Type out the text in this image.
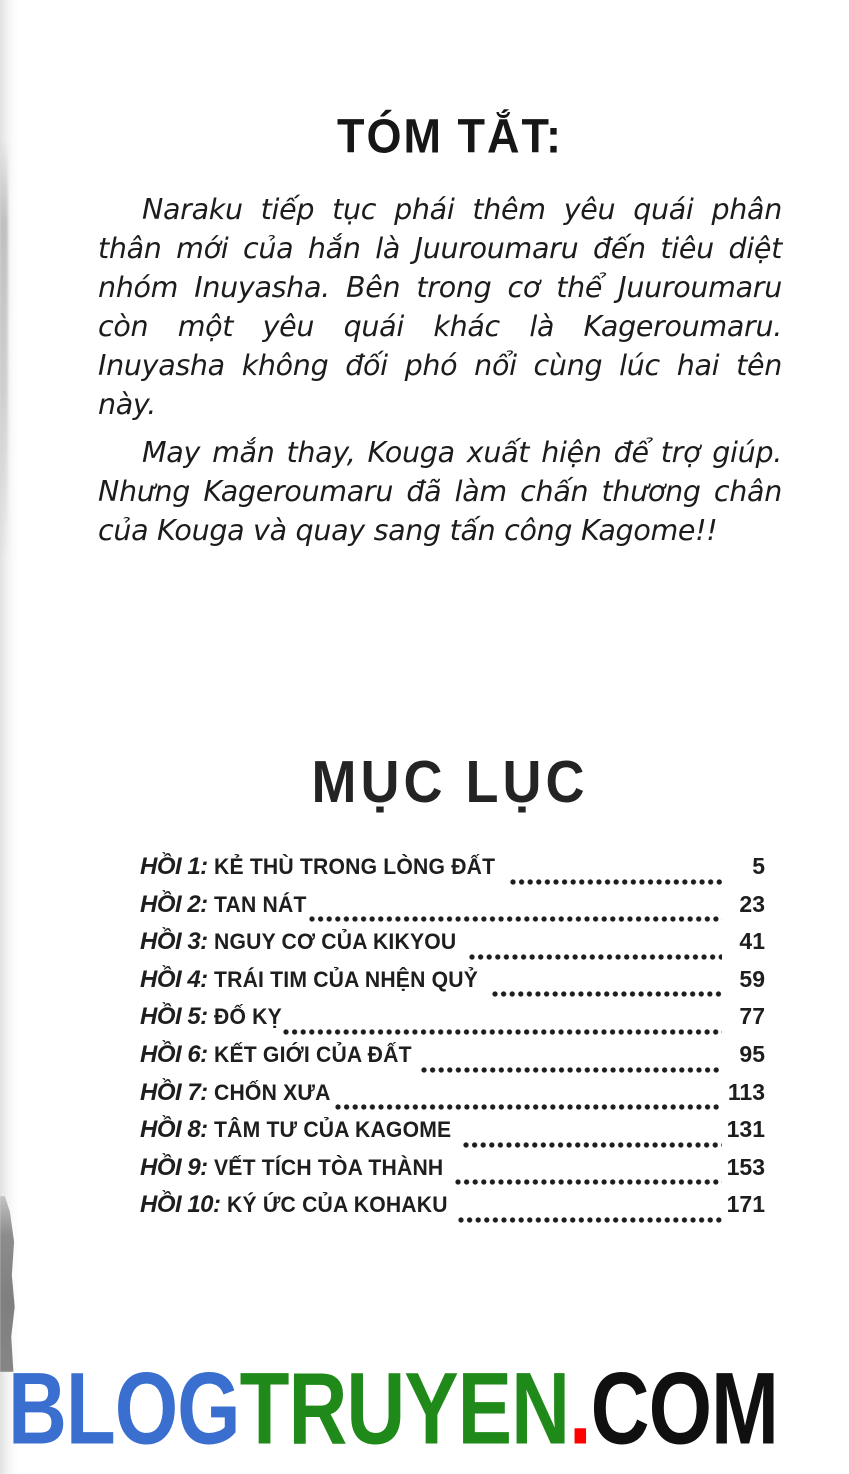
TÓM TẮT:

Naraku tiếp tục phái thêm yêu quái phân thân mới của hắn là Juuroumaru đến tiêu diệt nhóm Inuyasha. Bên trong cơ thể Juuroumaru còn một yêu quái khác là Kageroumaru. Inuyasha không đối phó nổi cùng lúc hai tên này.

May mắn thay, Kouga xuất hiện để trợ giúp. Nhưng Kageroumaru đã làm chấn thương chân của Kouga và quay sang tấn công Kagome!!

MỤC LỤC
HỒI 1: KẺ THÙ TRONG LÒNG ĐẤT	5
HỒI 2: TAN NÁT	23
HỒI 3: NGUY CƠ CỦA KIKYOU	41
HỒI 4: TRÁI TIM CỦA NHỆN QUỶ	59
HỒI 5: ĐỐ KỴ	77
HỒI 6: KẾT GIỚI CỦA ĐẤT	95
HỒI 7: CHỐN XƯA	113
HỒI 8: TÂM TƯ CỦA KAGOME	131
HỒI 9: VẾT TÍCH TÒA THÀNH	153
HỒI 10: KÝ ỨC CỦA KOHAKU	171
BLOGTRUYEN.COM
